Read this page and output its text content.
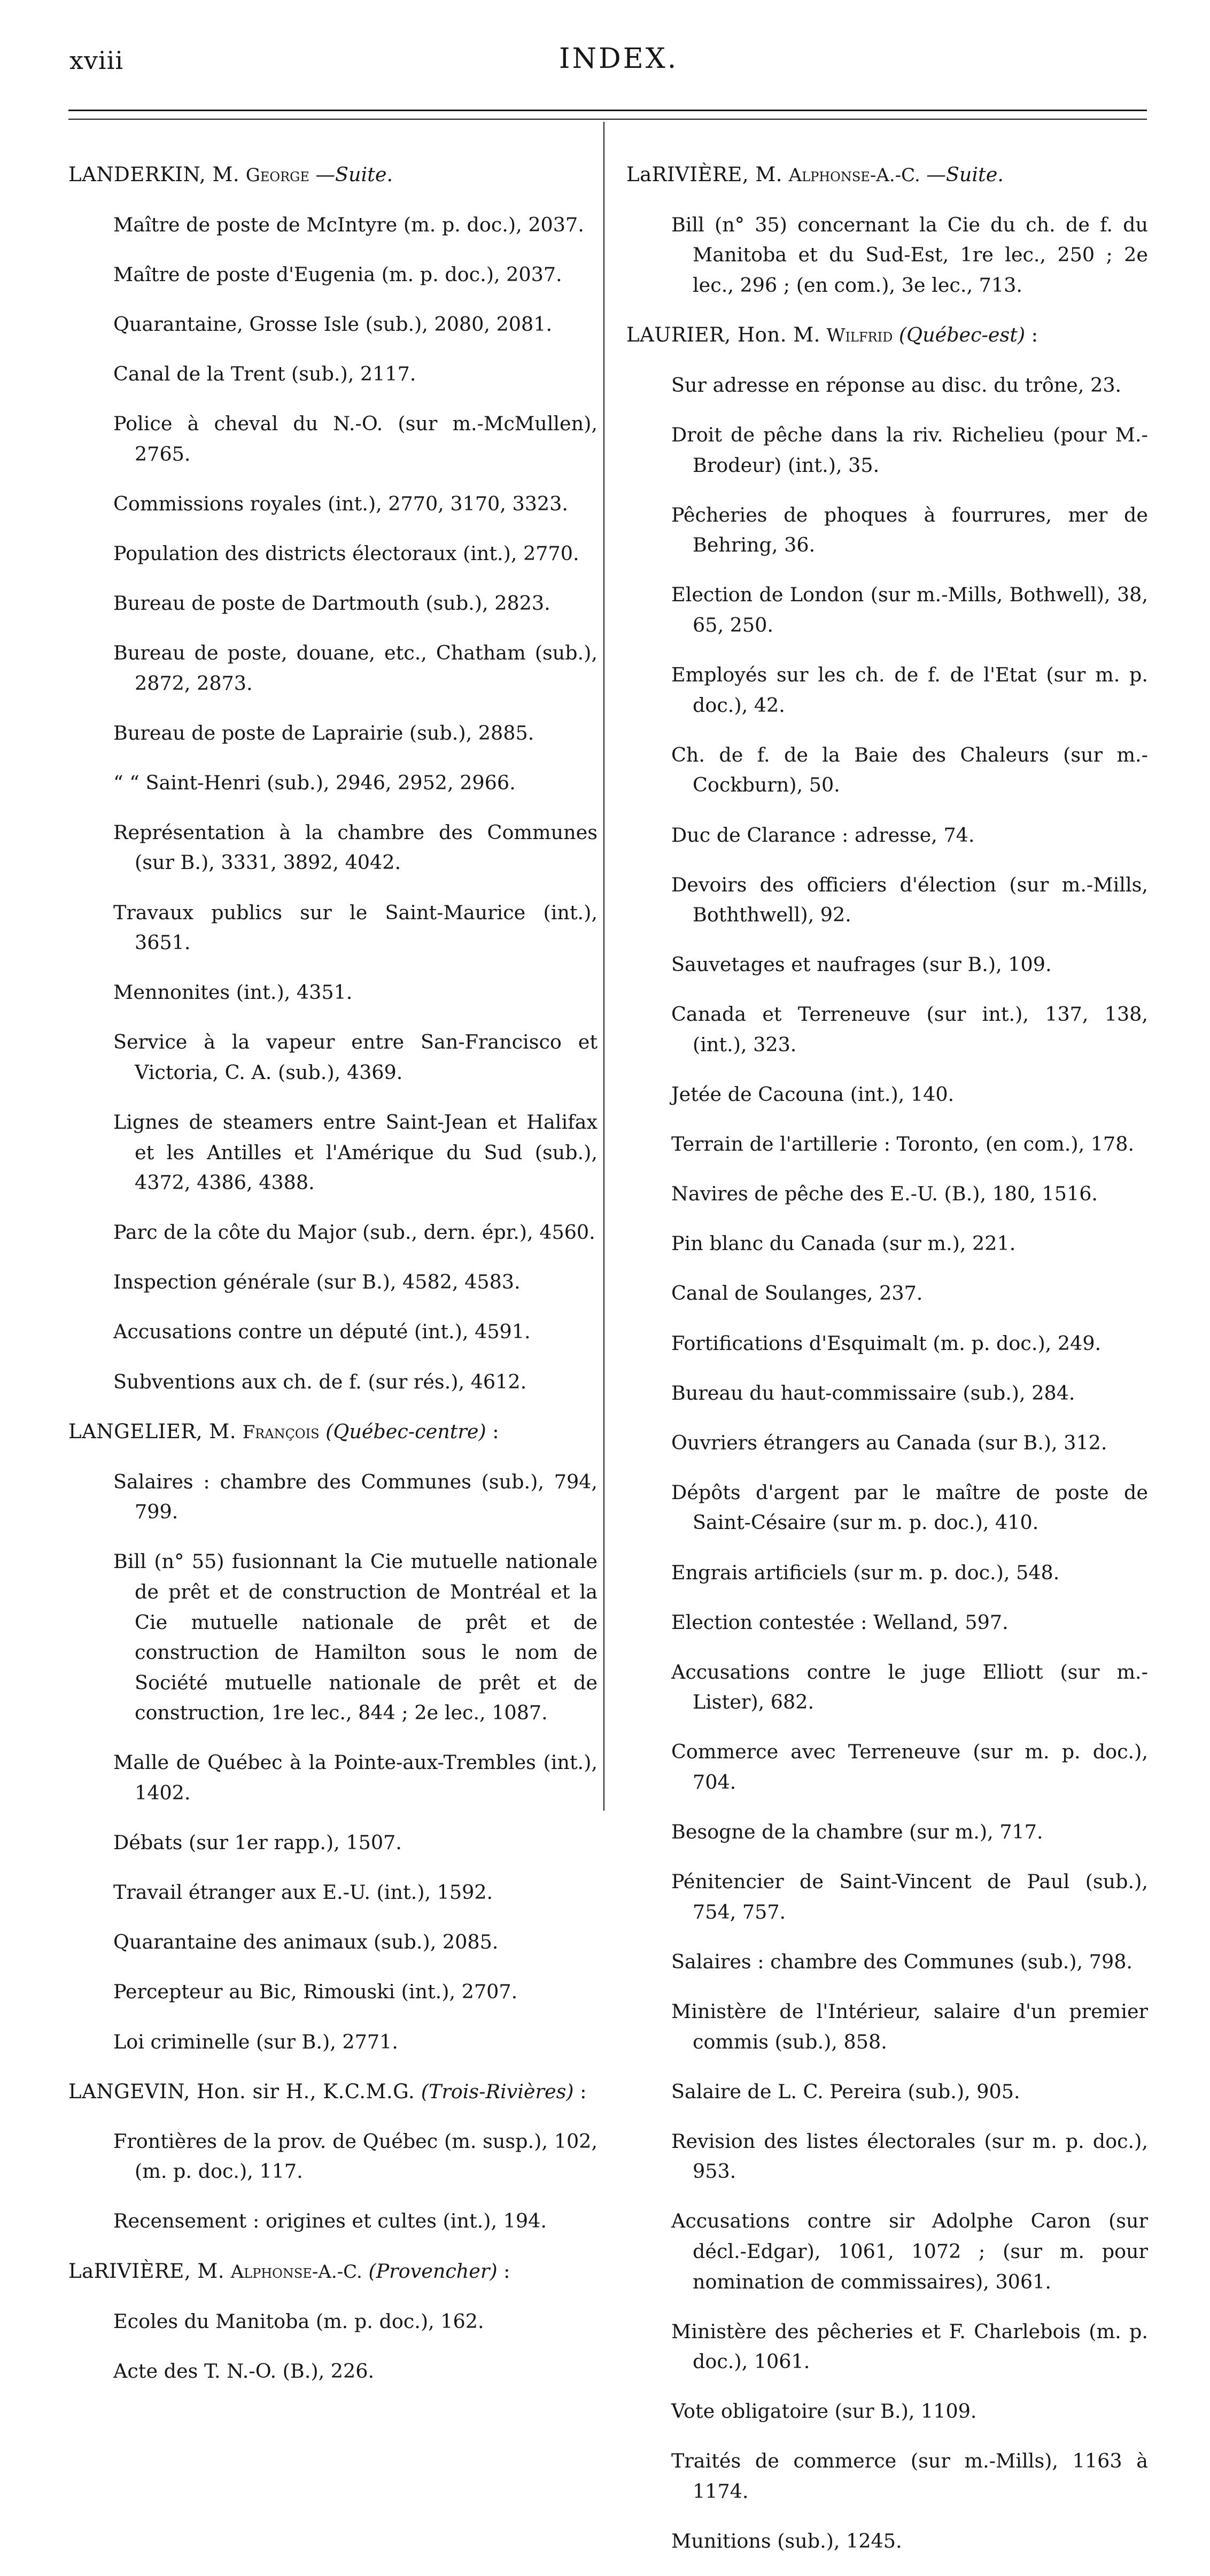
xviii	INDEX.

LANDERKIN, M. George —Suite.

Maître de poste de McIntyre (m. p. doc.), 2037.

Maître de poste d'Eugenia (m. p. doc.), 2037.

Quarantaine, Grosse Isle (sub.), 2080, 2081.

Canal de la Trent (sub.), 2117.

Police à cheval du N.-O. (sur m.-McMullen), 2765.

Commissions royales (int.), 2770, 3170, 3323.

Population des districts électoraux (int.), 2770.

Bureau de poste de Dartmouth (sub.), 2823.

Bureau de poste, douane, etc., Chatham (sub.), 2872, 2873.

Bureau de poste de Laprairie (sub.), 2885.

“ “ Saint-Henri (sub.), 2946, 2952, 2966.

Représentation à la chambre des Communes (sur B.), 3331, 3892, 4042.

Travaux publics sur le Saint-Maurice (int.), 3651.

Mennonites (int.), 4351.

Service à la vapeur entre San-Francisco et Victoria, C. A. (sub.), 4369.

Lignes de steamers entre Saint-Jean et Halifax et les Antilles et l'Amérique du Sud (sub.), 4372, 4386, 4388.

Parc de la côte du Major (sub., dern. épr.), 4560.

Inspection générale (sur B.), 4582, 4583.

Accusations contre un député (int.), 4591.

Subventions aux ch. de f. (sur rés.), 4612.

LANGELIER, M. François (Québec-centre) :

Salaires : chambre des Communes (sub.), 794, 799.

Bill (n° 55) fusionnant la Cie mutuelle nationale de prêt et de construction de Montréal et la Cie mutuelle nationale de prêt et de construction de Hamilton sous le nom de Société mutuelle nationale de prêt et de construction, 1re lec., 844 ; 2e lec., 1087.

Malle de Québec à la Pointe-aux-Trembles (int.), 1402.

Débats (sur 1er rapp.), 1507.

Travail étranger aux E.-U. (int.), 1592.

Quarantaine des animaux (sub.), 2085.

Percepteur au Bic, Rimouski (int.), 2707.

Loi criminelle (sur B.), 2771.

LANGEVIN, Hon. sir H., K.C.M.G. (Trois-Rivières) :

Frontières de la prov. de Québec (m. susp.), 102, (m. p. doc.), 117.

Recensement : origines et cultes (int.), 194.

LaRIVIÈRE, M. Alphonse-A.-C. (Provencher) :

Ecoles du Manitoba (m. p. doc.), 162.

Acte des T. N.-O. (B.), 226.

LaRIVIÈRE, M. Alphonse-A.-C. —Suite.

Bill (n° 35) concernant la Cie du ch. de f. du Manitoba et du Sud-Est, 1re lec., 250 ; 2e lec., 296 ; (en com.), 3e lec., 713.

LAURIER, Hon. M. Wilfrid (Québec-est) :

Sur adresse en réponse au disc. du trône, 23.

Droit de pêche dans la riv. Richelieu (pour M.-Brodeur) (int.), 35.

Pêcheries de phoques à fourrures, mer de Behring, 36.

Election de London (sur m.-Mills, Bothwell), 38, 65, 250.

Employés sur les ch. de f. de l'Etat (sur m. p. doc.), 42.

Ch. de f. de la Baie des Chaleurs (sur m.-Cockburn), 50.

Duc de Clarance : adresse, 74.

Devoirs des officiers d'élection (sur m.-Mills, Boththwell), 92.

Sauvetages et naufrages (sur B.), 109.

Canada et Terreneuve (sur int.), 137, 138, (int.), 323.

Jetée de Cacouna (int.), 140.

Terrain de l'artillerie : Toronto, (en com.), 178.

Navires de pêche des E.-U. (B.), 180, 1516.

Pin blanc du Canada (sur m.), 221.

Canal de Soulanges, 237.

Fortifications d'Esquimalt (m. p. doc.), 249.

Bureau du haut-commissaire (sub.), 284.

Ouvriers étrangers au Canada (sur B.), 312.

Dépôts d'argent par le maître de poste de Saint-Césaire (sur m. p. doc.), 410.

Engrais artificiels (sur m. p. doc.), 548.

Election contestée : Welland, 597.

Accusations contre le juge Elliott (sur m.-Lister), 682.

Commerce avec Terreneuve (sur m. p. doc.), 704.

Besogne de la chambre (sur m.), 717.

Pénitencier de Saint-Vincent de Paul (sub.), 754, 757.

Salaires : chambre des Communes (sub.), 798.

Ministère de l'Intérieur, salaire d'un premier commis (sub.), 858.

Salaire de L. C. Pereira (sub.), 905.

Revision des listes électorales (sur m. p. doc.), 953.

Accusations contre sir Adolphe Caron (sur décl.-Edgar), 1061, 1072 ; (sur m. pour nomination de commissaires), 3061.

Ministère des pêcheries et F. Charlebois (m. p. doc.), 1061.

Vote obligatoire (sur B.), 1109.

Traités de commerce (sur m.-Mills), 1163 à 1174.

Munitions (sub.), 1245.
